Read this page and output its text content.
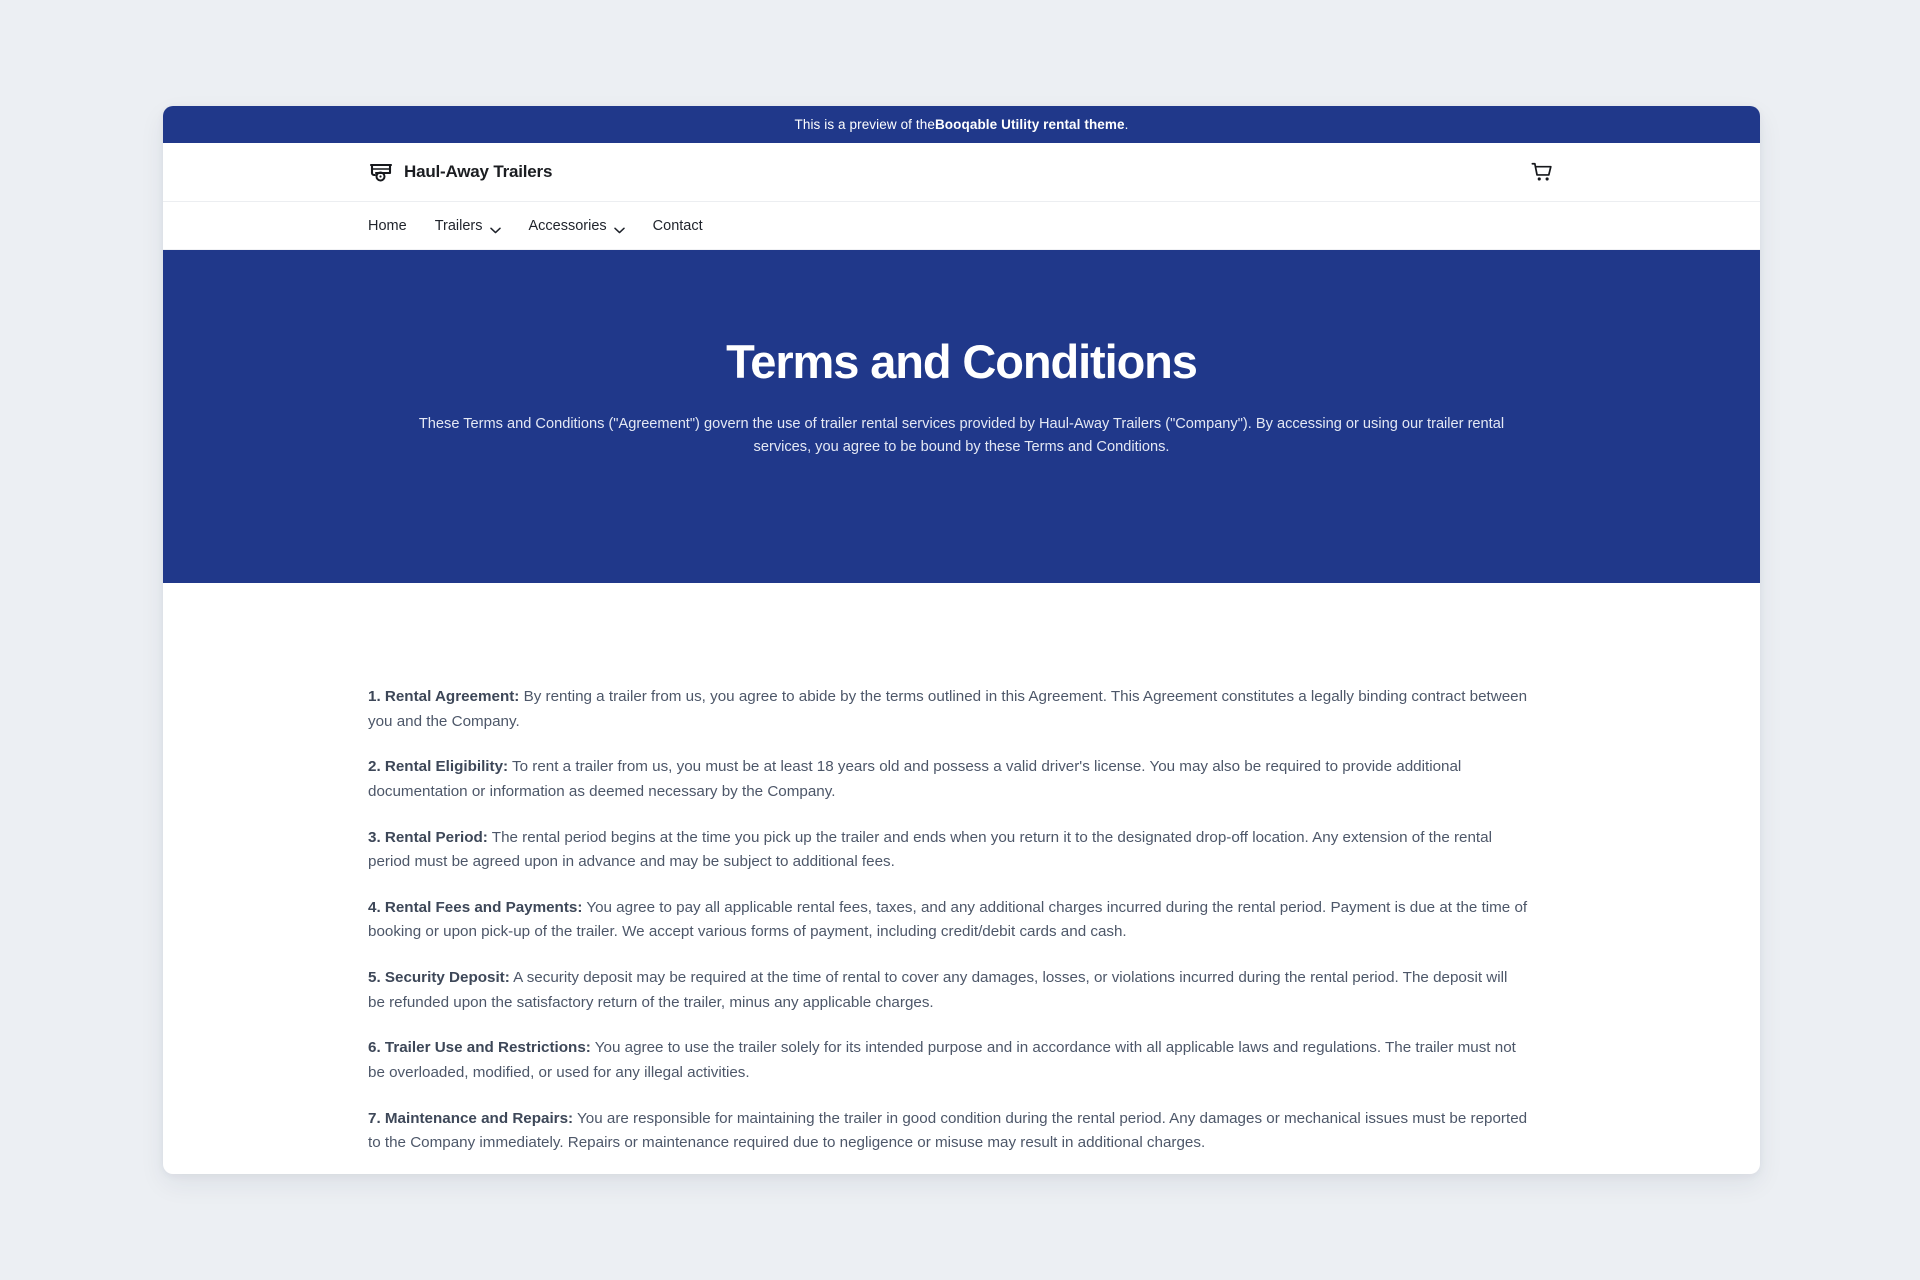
This is a preview of the Booqable Utility rental theme .
Haul-Away Trailers
Home Trailers	Accessories	Contact
Terms and Conditions

These Terms and Conditions ("Agreement") govern the use of trailer rental services provided by Haul-Away Trailers ("Company"). By accessing or using our trailer rental services, you agree to be bound by these Terms and Conditions.

1. Rental Agreement: By renting a trailer from us, you agree to abide by the terms outlined in this Agreement. This Agreement constitutes a legally binding contract between you and the Company.

2. Rental Eligibility: To rent a trailer from us, you must be at least 18 years old and possess a valid driver's license. You may also be required to provide additional documentation or information as deemed necessary by the Company.

3. Rental Period: The rental period begins at the time you pick up the trailer and ends when you return it to the designated drop-off location. Any extension of the rental period must be agreed upon in advance and may be subject to additional fees.

4. Rental Fees and Payments: You agree to pay all applicable rental fees, taxes, and any additional charges incurred during the rental period. Payment is due at the time of booking or upon pick-up of the trailer. We accept various forms of payment, including credit/debit cards and cash.

5. Security Deposit: A security deposit may be required at the time of rental to cover any damages, losses, or violations incurred during the rental period. The deposit will be refunded upon the satisfactory return of the trailer, minus any applicable charges.

6. Trailer Use and Restrictions: You agree to use the trailer solely for its intended purpose and in accordance with all applicable laws and regulations. The trailer must not be overloaded, modified, or used for any illegal activities.

7. Maintenance and Repairs: You are responsible for maintaining the trailer in good condition during the rental period. Any damages or mechanical issues must be reported to the Company immediately. Repairs or maintenance required due to negligence or misuse may result in additional charges.
